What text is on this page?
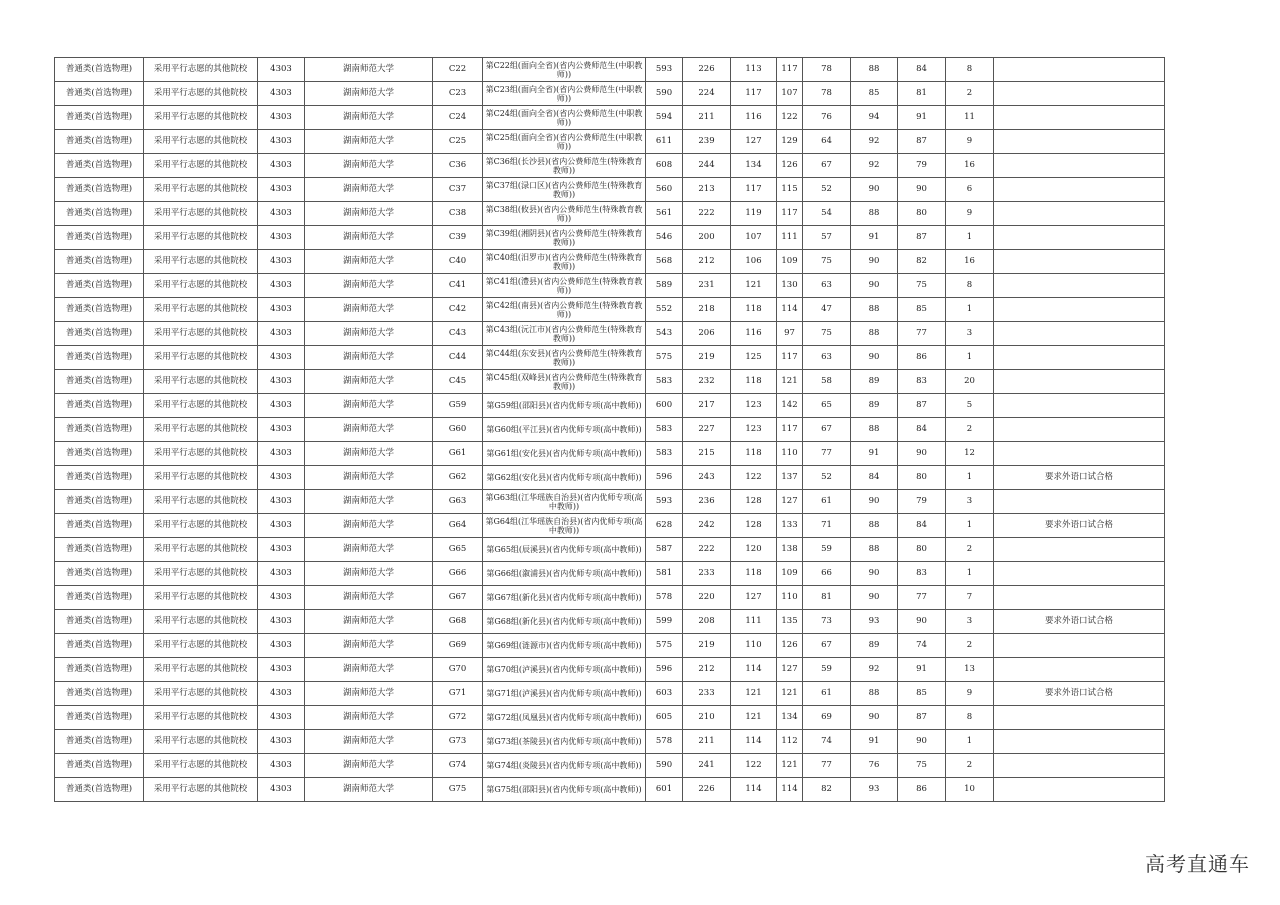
普通类(首选物理)	采用平行志愿的其他院校	4303	湖南师范大学	C22	第C22组(面向全省)(省内公费师范生(中职教师))	593	226	113	117	78	88	84	8	
普通类(首选物理)	采用平行志愿的其他院校	4303	湖南师范大学	C23	第C23组(面向全省)(省内公费师范生(中职教师))	590	224	117	107	78	85	81	2	
普通类(首选物理)	采用平行志愿的其他院校	4303	湖南师范大学	C24	第C24组(面向全省)(省内公费师范生(中职教师))	594	211	116	122	76	94	91	11	
普通类(首选物理)	采用平行志愿的其他院校	4303	湖南师范大学	C25	第C25组(面向全省)(省内公费师范生(中职教师))	611	239	127	129	64	92	87	9	
普通类(首选物理)	采用平行志愿的其他院校	4303	湖南师范大学	C36	第C36组(长沙县)(省内公费师范生(特殊教育教师))	608	244	134	126	67	92	79	16	
普通类(首选物理)	采用平行志愿的其他院校	4303	湖南师范大学	C37	第C37组(渌口区)(省内公费师范生(特殊教育教师))	560	213	117	115	52	90	90	6	
普通类(首选物理)	采用平行志愿的其他院校	4303	湖南师范大学	C38	第C38组(攸县)(省内公费师范生(特殊教育教师))	561	222	119	117	54	88	80	9	
普通类(首选物理)	采用平行志愿的其他院校	4303	湖南师范大学	C39	第C39组(湘阴县)(省内公费师范生(特殊教育教师))	546	200	107	111	57	91	87	1	
普通类(首选物理)	采用平行志愿的其他院校	4303	湖南师范大学	C40	第C40组(汨罗市)(省内公费师范生(特殊教育教师))	568	212	106	109	75	90	82	16	
普通类(首选物理)	采用平行志愿的其他院校	4303	湖南师范大学	C41	第C41组(澧县)(省内公费师范生(特殊教育教师))	589	231	121	130	63	90	75	8	
普通类(首选物理)	采用平行志愿的其他院校	4303	湖南师范大学	C42	第C42组(南县)(省内公费师范生(特殊教育教师))	552	218	118	114	47	88	85	1	
普通类(首选物理)	采用平行志愿的其他院校	4303	湖南师范大学	C43	第C43组(沅江市)(省内公费师范生(特殊教育教师))	543	206	116	97	75	88	77	3	
普通类(首选物理)	采用平行志愿的其他院校	4303	湖南师范大学	C44	第C44组(东安县)(省内公费师范生(特殊教育教师))	575	219	125	117	63	90	86	1	
普通类(首选物理)	采用平行志愿的其他院校	4303	湖南师范大学	C45	第C45组(双峰县)(省内公费师范生(特殊教育教师))	583	232	118	121	58	89	83	20	
普通类(首选物理)	采用平行志愿的其他院校	4303	湖南师范大学	G59	第G59组(邵阳县)(省内优师专项(高中教师))	600	217	123	142	65	89	87	5	
普通类(首选物理)	采用平行志愿的其他院校	4303	湖南师范大学	G60	第G60组(平江县)(省内优师专项(高中教师))	583	227	123	117	67	88	84	2	
普通类(首选物理)	采用平行志愿的其他院校	4303	湖南师范大学	G61	第G61组(安化县)(省内优师专项(高中教师))	583	215	118	110	77	91	90	12	
普通类(首选物理)	采用平行志愿的其他院校	4303	湖南师范大学	G62	第G62组(安化县)(省内优师专项(高中教师))	596	243	122	137	52	84	80	1	要求外语口试合格
普通类(首选物理)	采用平行志愿的其他院校	4303	湖南师范大学	G63	第G63组(江华瑶族自治县)(省内优师专项(高中教师))	593	236	128	127	61	90	79	3	
普通类(首选物理)	采用平行志愿的其他院校	4303	湖南师范大学	G64	第G64组(江华瑶族自治县)(省内优师专项(高中教师))	628	242	128	133	71	88	84	1	要求外语口试合格
普通类(首选物理)	采用平行志愿的其他院校	4303	湖南师范大学	G65	第G65组(辰溪县)(省内优师专项(高中教师))	587	222	120	138	59	88	80	2	
普通类(首选物理)	采用平行志愿的其他院校	4303	湖南师范大学	G66	第G66组(溆浦县)(省内优师专项(高中教师))	581	233	118	109	66	90	83	1	
普通类(首选物理)	采用平行志愿的其他院校	4303	湖南师范大学	G67	第G67组(新化县)(省内优师专项(高中教师))	578	220	127	110	81	90	77	7	
普通类(首选物理)	采用平行志愿的其他院校	4303	湖南师范大学	G68	第G68组(新化县)(省内优师专项(高中教师))	599	208	111	135	73	93	90	3	要求外语口试合格
普通类(首选物理)	采用平行志愿的其他院校	4303	湖南师范大学	G69	第G69组(涟源市)(省内优师专项(高中教师))	575	219	110	126	67	89	74	2	
普通类(首选物理)	采用平行志愿的其他院校	4303	湖南师范大学	G70	第G70组(泸溪县)(省内优师专项(高中教师))	596	212	114	127	59	92	91	13	
普通类(首选物理)	采用平行志愿的其他院校	4303	湖南师范大学	G71	第G71组(泸溪县)(省内优师专项(高中教师))	603	233	121	121	61	88	85	9	要求外语口试合格
普通类(首选物理)	采用平行志愿的其他院校	4303	湖南师范大学	G72	第G72组(凤凰县)(省内优师专项(高中教师))	605	210	121	134	69	90	87	8	
普通类(首选物理)	采用平行志愿的其他院校	4303	湖南师范大学	G73	第G73组(茶陵县)(省内优师专项(高中教师))	578	211	114	112	74	91	90	1	
普通类(首选物理)	采用平行志愿的其他院校	4303	湖南师范大学	G74	第G74组(炎陵县)(省内优师专项(高中教师))	590	241	122	121	77	76	75	2	
普通类(首选物理)	采用平行志愿的其他院校	4303	湖南师范大学	G75	第G75组(邵阳县)(省内优师专项(高中教师))	601	226	114	114	82	93	86	10	
高考直通车
